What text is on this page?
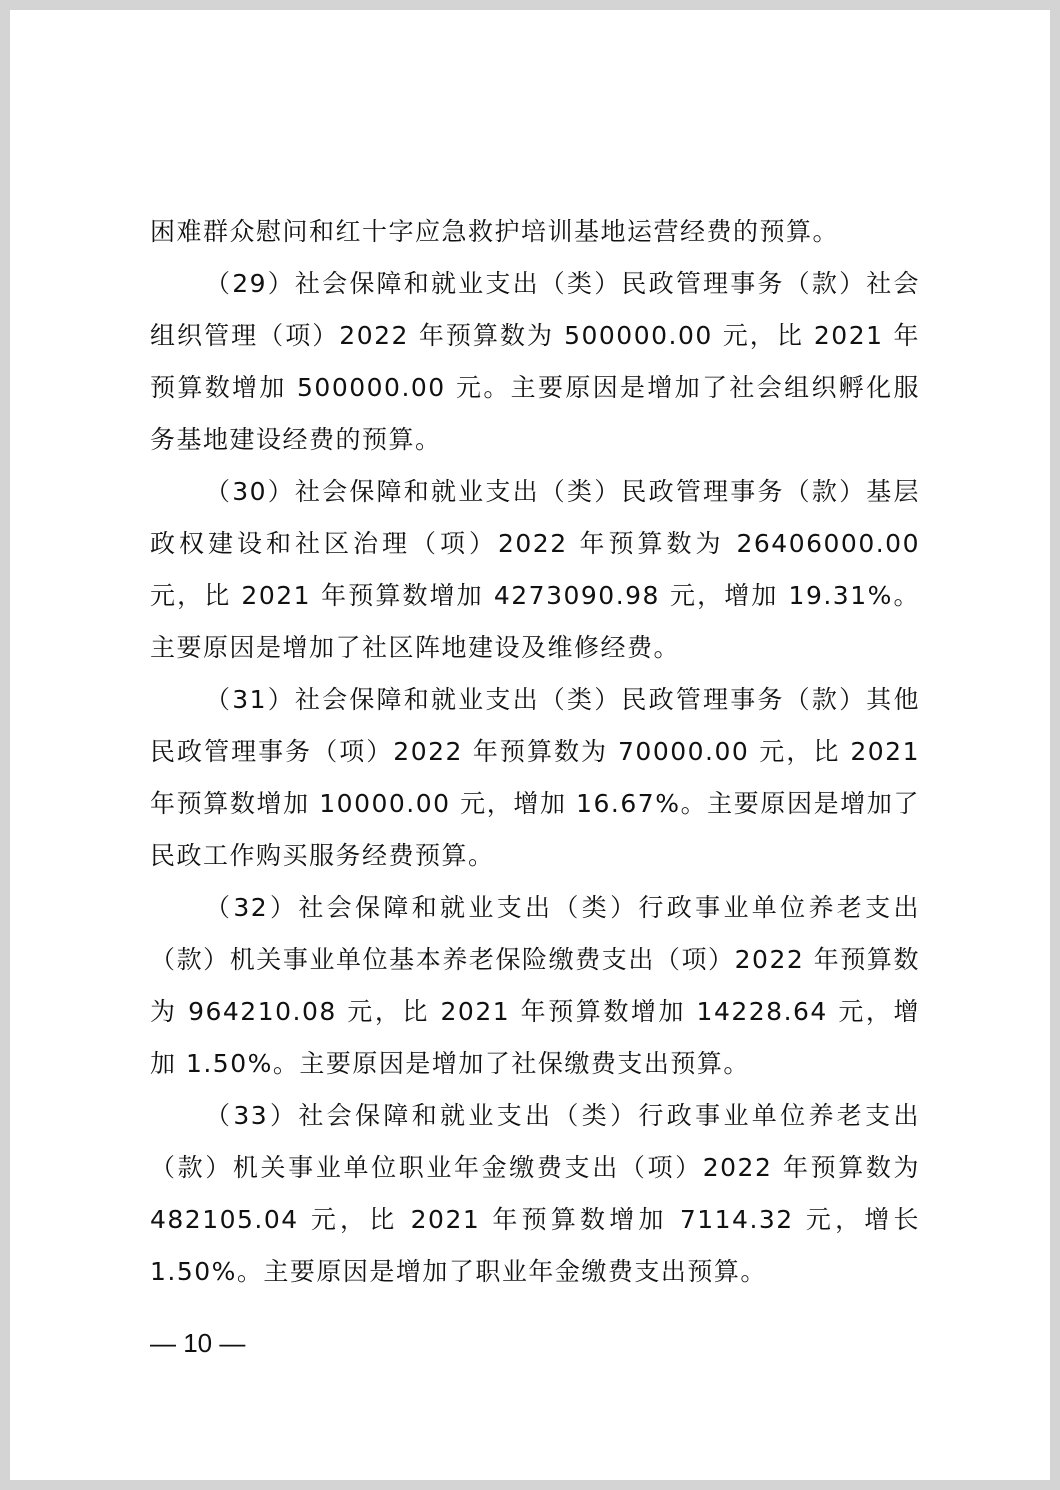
困难群众慰问和红十字应急救护培训基地运营经费的预算。

（29）社会保障和就业支出（类）民政管理事务（款）社会组织管理（项）2022 年预算数为 500000.00 元，比 2021 年预算数增加 500000.00 元。主要原因是增加了社会组织孵化服务基地建设经费的预算。

（30）社会保障和就业支出（类）民政管理事务（款）基层政权建设和社区治理（项）2022 年预算数为 26406000.00 元，比 2021 年预算数增加 4273090.98 元，增加 19.31%。主要原因是增加了社区阵地建设及维修经费。

（31）社会保障和就业支出（类）民政管理事务（款）其他民政管理事务（项）2022 年预算数为 70000.00 元，比 2021 年预算数增加 10000.00 元，增加 16.67%。主要原因是增加了民政工作购买服务经费预算。

（32）社会保障和就业支出（类）行政事业单位养老支出（款）机关事业单位基本养老保险缴费支出（项）2022 年预算数为 964210.08 元，比 2021 年预算数增加 14228.64 元，增加 1.50%。主要原因是增加了社保缴费支出预算。

（33）社会保障和就业支出（类）行政事业单位养老支出（款）机关事业单位职业年金缴费支出（项）2022 年预算数为 482105.04 元，比 2021 年预算数增加 7114.32 元，增长 1.50%。主要原因是增加了职业年金缴费支出预算。

— 10 —
